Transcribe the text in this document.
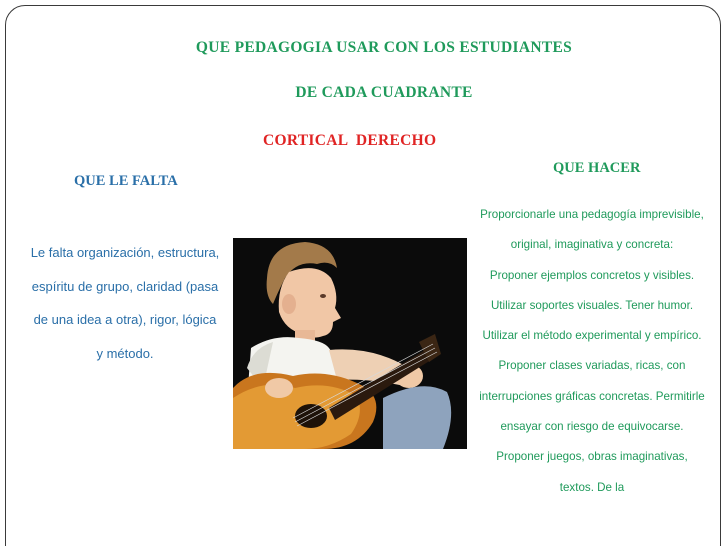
QUE PEDAGOGIA USAR CON LOS ESTUDIANTES
DE CADA CUADRANTE
CORTICAL  DERECHO
QUE LE FALTA
Le falta organización, estructura, espíritu de grupo, claridad (pasa de una idea a otra), rigor, lógica y método.
QUE HACER
Proporcionarle una pedagogía imprevisible, original, imaginativa y concreta:
Proponer ejemplos concretos y visibles. Utilizar soportes visuales. Tener humor. Utilizar el método experimental y empírico. Proponer clases variadas, ricas, con interrupciones gráficas concretas. Permitirle ensayar con riesgo de equivocarse. Proponer juegos, obras imaginativas, textos. De la
